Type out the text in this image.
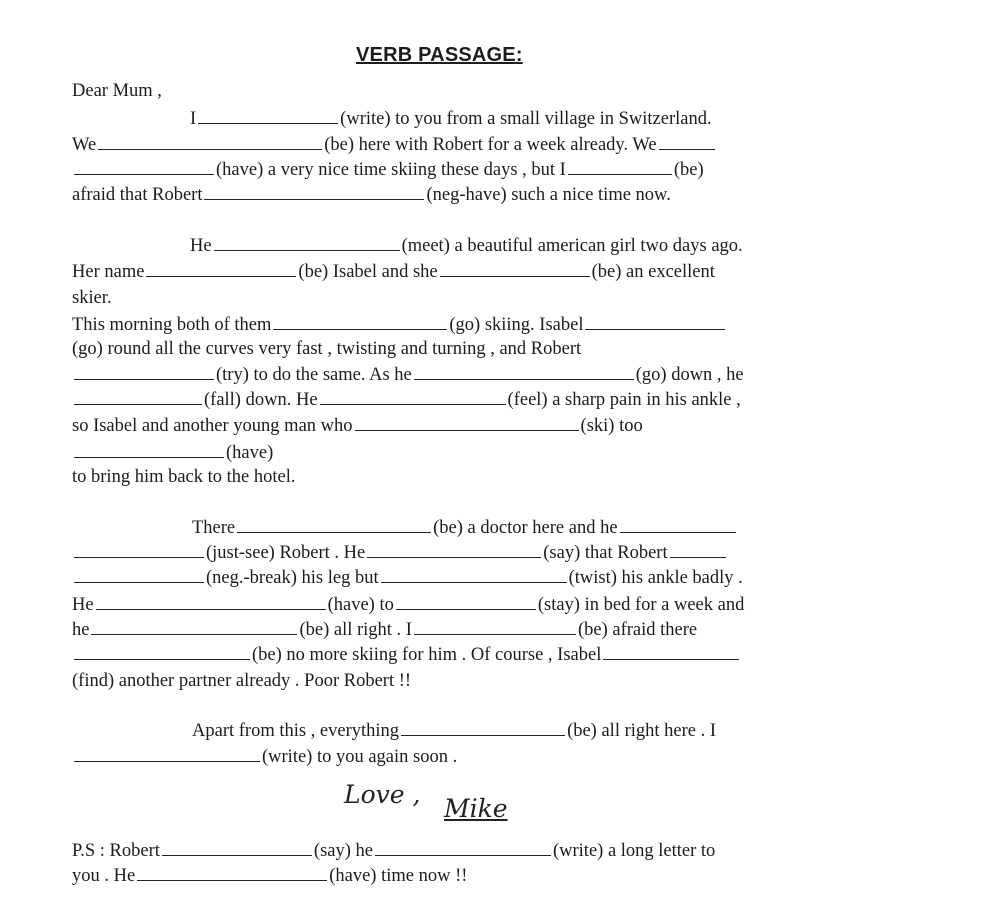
VERB PASSAGE:
Dear Mum ,
I	(write) to you from a small village in Switzerland.
We	(be) here with Robert for a week already. We
(have) a very nice time skiing these days , but I	(be)
afraid that Robert	(neg-have) such a nice time now.
He	(meet) a beautiful american girl two days ago.
Her name	(be) Isabel and she	(be) an excellent
skier.
This morning both of them	(go) skiing. Isabel
(go) round all the curves very fast , twisting and turning , and Robert
(try) to do the same. As he	(go) down , he
(fall) down. He	(feel) a sharp pain in his ankle ,
so Isabel and another young man who	(ski) too
(have)
to bring him back to the hotel.
There	(be) a doctor here and he
(just-see) Robert . He	(say) that Robert
(neg.-break) his leg but	(twist) his ankle badly .
He	(have) to	(stay) in bed for a week and
he	(be) all right . I	(be) afraid there
(be) no more skiing for him . Of course , Isabel
(find) another partner already . Poor Robert !!
Apart from this , everything	(be) all right here . I
(write) to you again soon .
Love , Mike
P.S : Robert	(say) he	(write) a long letter to
you . He	(have) time now !!
